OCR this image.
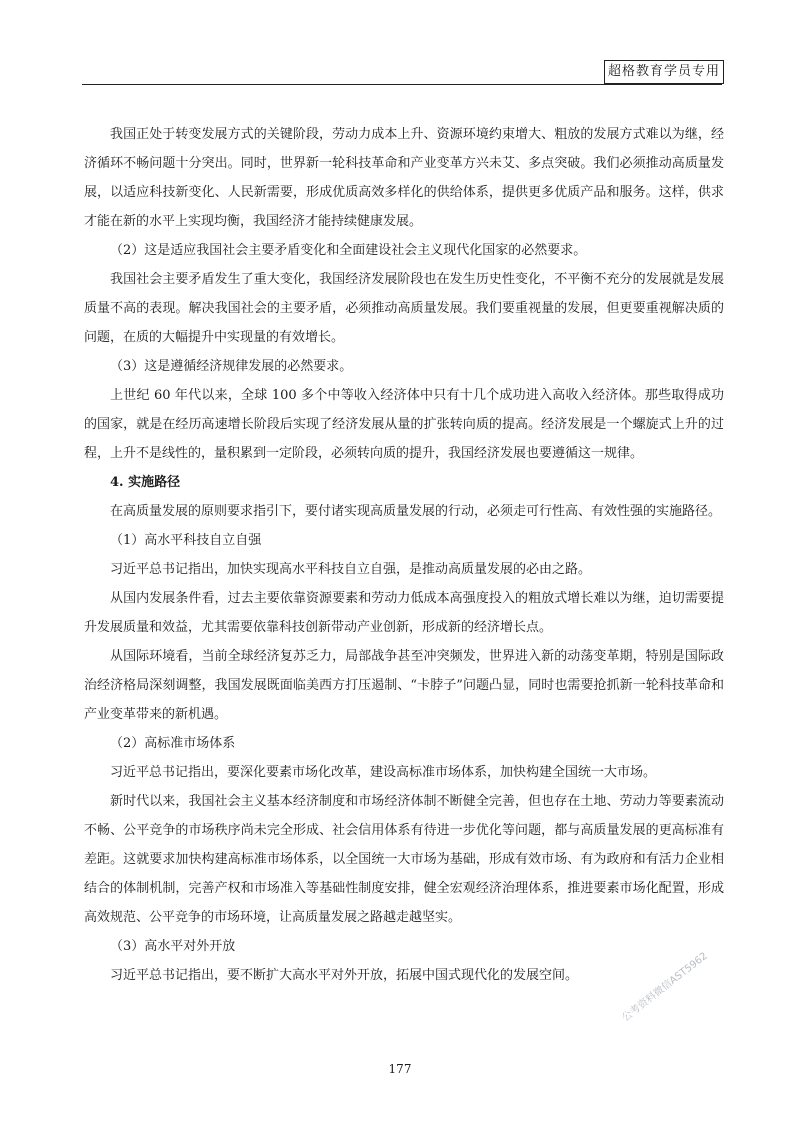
超格教育学员专用

我国正处于转变发展方式的关键阶段，劳动力成本上升、资源环境约束增大、粗放的发展方式难以为继，经济循环不畅问题十分突出。同时，世界新一轮科技革命和产业变革方兴未艾、多点突破。我们必须推动高质量发展，以适应科技新变化、人民新需要，形成优质高效多样化的供给体系，提供更多优质产品和服务。这样，供求才能在新的水平上实现均衡，我国经济才能持续健康发展。

（2）这是适应我国社会主要矛盾变化和全面建设社会主义现代化国家的必然要求。

我国社会主要矛盾发生了重大变化，我国经济发展阶段也在发生历史性变化，不平衡不充分的发展就是发展质量不高的表现。解决我国社会的主要矛盾，必须推动高质量发展。我们要重视量的发展，但更要重视解决质的问题，在质的大幅提升中实现量的有效增长。

（3）这是遵循经济规律发展的必然要求。

上世纪 60 年代以来，全球 100 多个中等收入经济体中只有十几个成功进入高收入经济体。那些取得成功的国家，就是在经历高速增长阶段后实现了经济发展从量的扩张转向质的提高。经济发展是一个螺旋式上升的过程，上升不是线性的，量积累到一定阶段，必须转向质的提升，我国经济发展也要遵循这一规律。

4. 实施路径

在高质量发展的原则要求指引下，要付诸实现高质量发展的行动，必须走可行性高、有效性强的实施路径。

（1）高水平科技自立自强

习近平总书记指出，加快实现高水平科技自立自强，是推动高质量发展的必由之路。

从国内发展条件看，过去主要依靠资源要素和劳动力低成本高强度投入的粗放式增长难以为继，迫切需要提升发展质量和效益，尤其需要依靠科技创新带动产业创新，形成新的经济增长点。

从国际环境看，当前全球经济复苏乏力，局部战争甚至冲突频发，世界进入新的动荡变革期，特别是国际政治经济格局深刻调整，我国发展既面临美西方打压遏制、“卡脖子”问题凸显，同时也需要抢抓新一轮科技革命和产业变革带来的新机遇。

（2）高标准市场体系

习近平总书记指出，要深化要素市场化改革，建设高标准市场体系，加快构建全国统一大市场。

新时代以来，我国社会主义基本经济制度和市场经济体制不断健全完善，但也存在土地、劳动力等要素流动不畅、公平竞争的市场秩序尚未完全形成、社会信用体系有待进一步优化等问题，都与高质量发展的更高标准有差距。这就要求加快构建高标准市场体系，以全国统一大市场为基础，形成有效市场、有为政府和有活力企业相结合的体制机制，完善产权和市场准入等基础性制度安排，健全宏观经济治理体系，推进要素市场化配置，形成高效规范、公平竞争的市场环境，让高质量发展之路越走越坚实。

（3）高水平对外开放

习近平总书记指出，要不断扩大高水平对外开放，拓展中国式现代化的发展空间。

177
公考资料微信AST5962
